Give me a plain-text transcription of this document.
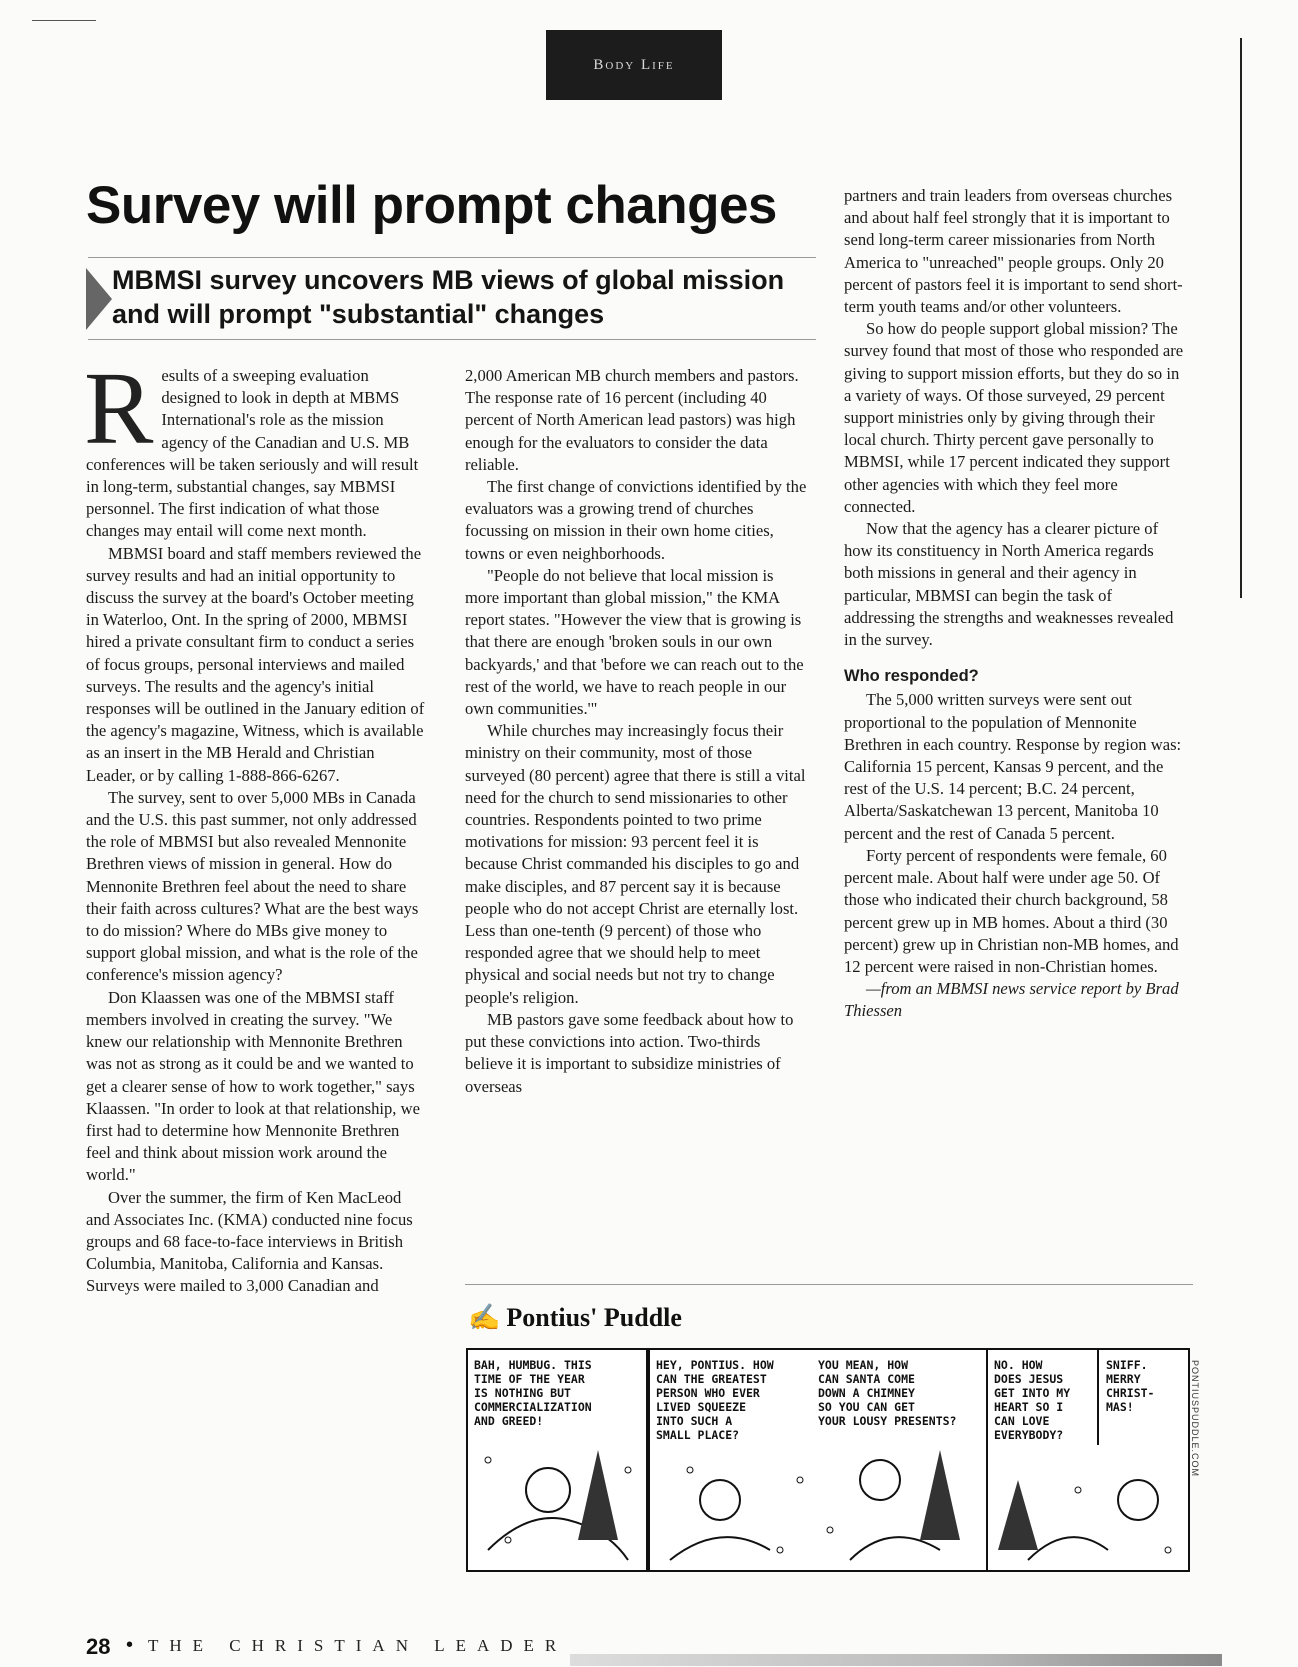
Body Life
Survey will prompt changes

MBMSI survey uncovers MB views of global mission and will prompt "substantial" changes

Results of a sweeping evaluation designed to look in depth at MBMS International's role as the mission agency of the Canadian and U.S. MB conferences will be taken seriously and will result in long-term, substantial changes, say MBMSI personnel. The first indication of what those changes may entail will come next month.

MBMSI board and staff members reviewed the survey results and had an initial opportunity to discuss the survey at the board's October meeting in Waterloo, Ont. In the spring of 2000, MBMSI hired a private consultant firm to conduct a series of focus groups, personal interviews and mailed surveys. The results and the agency's initial responses will be outlined in the January edition of the agency's magazine, Witness, which is available as an insert in the MB Herald and Christian Leader, or by calling 1-888-866-6267.

The survey, sent to over 5,000 MBs in Canada and the U.S. this past summer, not only addressed the role of MBMSI but also revealed Mennonite Brethren views of mission in general. How do Mennonite Brethren feel about the need to share their faith across cultures? What are the best ways to do mission? Where do MBs give money to support global mission, and what is the role of the conference's mission agency?

Don Klaassen was one of the MBMSI staff members involved in creating the survey. "We knew our relationship with Mennonite Brethren was not as strong as it could be and we wanted to get a clearer sense of how to work together," says Klaassen. "In order to look at that relationship, we first had to determine how Mennonite Brethren feel and think about mission work around the world."

Over the summer, the firm of Ken MacLeod and Associates Inc. (KMA) conducted nine focus groups and 68 face-to-face interviews in British Columbia, Manitoba, California and Kansas. Surveys were mailed to 3,000 Canadian and

2,000 American MB church members and pastors. The response rate of 16 percent (including 40 percent of North American lead pastors) was high enough for the evaluators to consider the data reliable.

The first change of convictions identified by the evaluators was a growing trend of churches focussing on mission in their own home cities, towns or even neighborhoods.

"People do not believe that local mission is more important than global mission," the KMA report states. "However the view that is growing is that there are enough 'broken souls in our own backyards,' and that 'before we can reach out to the rest of the world, we have to reach people in our own communities.'"

While churches may increasingly focus their ministry on their community, most of those surveyed (80 percent) agree that there is still a vital need for the church to send missionaries to other countries. Respondents pointed to two prime motivations for mission: 93 percent feel it is because Christ commanded his disciples to go and make disciples, and 87 percent say it is because people who do not accept Christ are eternally lost. Less than one-tenth (9 percent) of those who responded agree that we should help to meet physical and social needs but not try to change people's religion.

MB pastors gave some feedback about how to put these convictions into action. Two-thirds believe it is important to subsidize ministries of overseas

partners and train leaders from overseas churches and about half feel strongly that it is important to send long-term career missionaries from North America to "unreached" people groups. Only 20 percent of pastors feel it is important to send short-term youth teams and/or other volunteers.

So how do people support global mission? The survey found that most of those who responded are giving to support mission efforts, but they do so in a variety of ways. Of those surveyed, 29 percent support ministries only by giving through their local church. Thirty percent gave personally to MBMSI, while 17 percent indicated they support other agencies with which they feel more connected.

Now that the agency has a clearer picture of how its constituency in North America regards both missions in general and their agency in particular, MBMSI can begin the task of addressing the strengths and weaknesses revealed in the survey.

Who responded?

The 5,000 written surveys were sent out proportional to the population of Mennonite Brethren in each country. Response by region was: California 15 percent, Kansas 9 percent, and the rest of the U.S. 14 percent; B.C. 24 percent, Alberta/Saskatchewan 13 percent, Manitoba 10 percent and the rest of Canada 5 percent.

Forty percent of respondents were female, 60 percent male. About half were under age 50. Of those who indicated their church background, 58 percent grew up in MB homes. About a third (30 percent) grew up in Christian non-MB homes, and 12 percent were raised in non-Christian homes.

—from an MBMSI news service report by Brad Thiessen

✍ Pontius' Puddle
BAH, HUMBUG. THIS
TIME OF THE YEAR
IS NOTHING BUT
COMMERCIALIZATION
AND GREED!
HEY, PONTIUS. HOW
CAN THE GREATEST
PERSON WHO EVER
LIVED SQUEEZE
INTO SUCH A
SMALL PLACE?
YOU MEAN, HOW
CAN SANTA COME
DOWN A CHIMNEY
SO YOU CAN GET
YOUR LOUSY PRESENTS?
NO. HOW
DOES JESUS
GET INTO MY
HEART SO I
CAN LOVE
EVERYBODY?
SNIFF.
MERRY
CHRIST-
MAS!	PONTIUSPUDDLE.COM
28 • THE CHRISTIAN LEADER
